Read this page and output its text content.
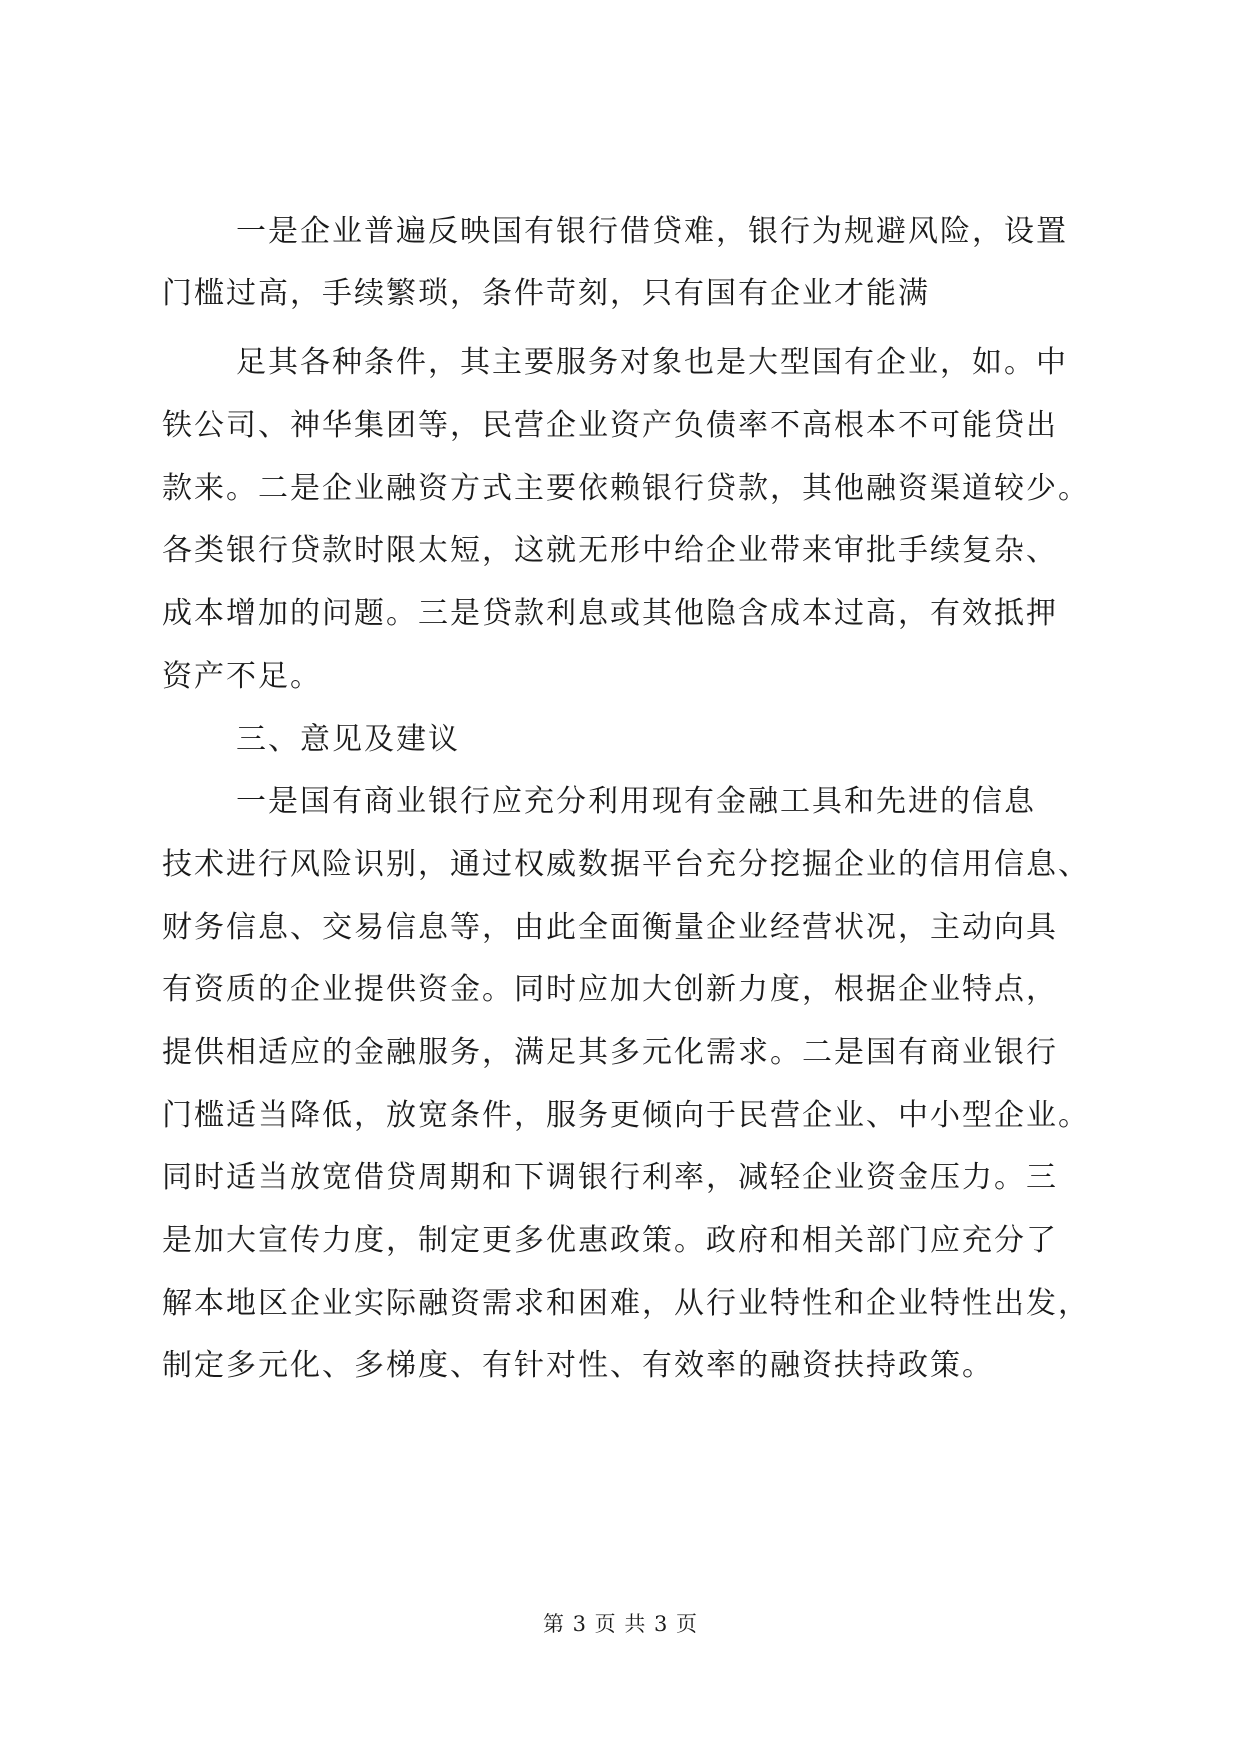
一是企业普遍反映国有银行借贷难，银行为规避风险，设置
门槛过高，手续繁琐，条件苛刻，只有国有企业才能满
足其各种条件，其主要服务对象也是大型国有企业，如。中
铁公司、神华集团等，民营企业资产负债率不高根本不可能贷出
款来。二是企业融资方式主要依赖银行贷款，其他融资渠道较少。
各类银行贷款时限太短，这就无形中给企业带来审批手续复杂、
成本增加的问题。三是贷款利息或其他隐含成本过高，有效抵押
资产不足。
三、意见及建议
一是国有商业银行应充分利用现有金融工具和先进的信息
技术进行风险识别，通过权威数据平台充分挖掘企业的信用信息、
财务信息、交易信息等，由此全面衡量企业经营状况，主动向具
有资质的企业提供资金。同时应加大创新力度，根据企业特点，
提供相适应的金融服务，满足其多元化需求。二是国有商业银行
门槛适当降低，放宽条件，服务更倾向于民营企业、中小型企业。
同时适当放宽借贷周期和下调银行利率，减轻企业资金压力。三
是加大宣传力度，制定更多优惠政策。政府和相关部门应充分了
解本地区企业实际融资需求和困难，从行业特性和企业特性出发，
制定多元化、多梯度、有针对性、有效率的融资扶持政策。
第 3 页 共 3 页
